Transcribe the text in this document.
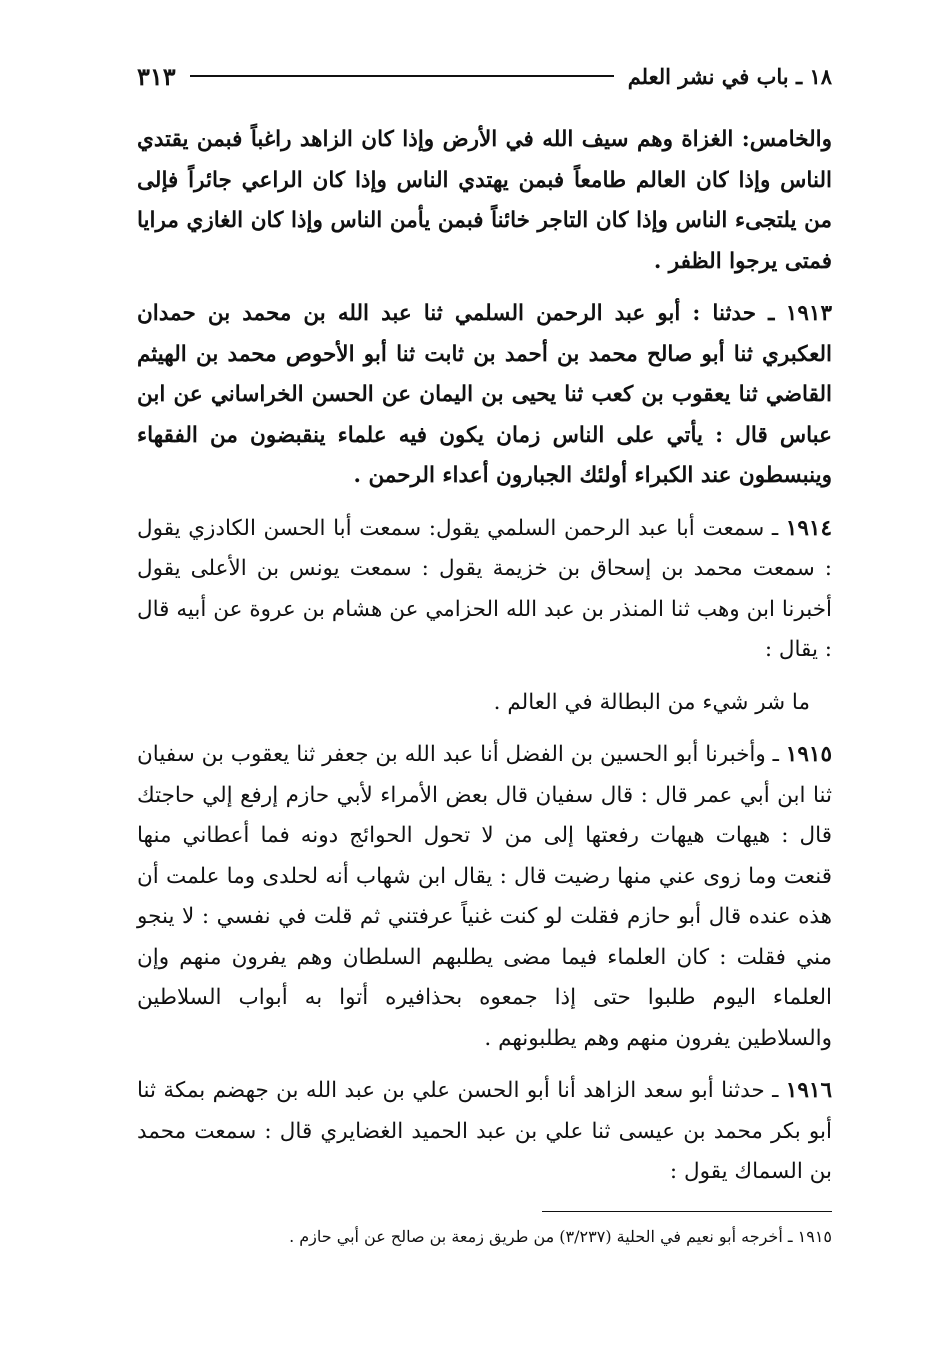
١٨ ـ باب في نشر العلم
٣١٣

والخامس: الغزاة وهم سيف الله في الأرض وإذا كان الزاهد راغباً فبمن يقتدي الناس وإذا كان العالم طامعاً فبمن يهتدي الناس وإذا كان الراعي جائراً فإلى من يلتجىء الناس وإذا كان التاجر خائناً فبمن يأمن الناس وإذا كان الغازي مرايا فمتى يرجوا الظفر .

١٩١٣ ـ حدثنا : أبو عبد الرحمن السلمي ثنا عبد الله بن محمد بن حمدان العكبري ثنا أبو صالح محمد بن أحمد بن ثابت ثنا أبو الأحوص محمد بن الهيثم القاضي ثنا يعقوب بن كعب ثنا يحيى بن اليمان عن الحسن الخراساني عن ابن عباس قال : يأتي على الناس زمان يكون فيه علماء ينقبضون من الفقهاء وينبسطون عند الكبراء أولئك الجبارون أعداء الرحمن .

١٩١٤ ـ سمعت أبا عبد الرحمن السلمي يقول: سمعت أبا الحسن الكادزي يقول : سمعت محمد بن إسحاق بن خزيمة يقول : سمعت يونس بن الأعلى يقول أخبرنا ابن وهب ثنا المنذر بن عبد الله الحزامي عن هشام بن عروة عن أبيه قال : يقال :

ما شر شيء من البطالة في العالم .

١٩١٥ ـ وأخبرنا أبو الحسين بن الفضل أنا عبد الله بن جعفر ثنا يعقوب بن سفيان ثنا ابن أبي عمر قال : قال سفيان قال بعض الأمراء لأبي حازم إرفع إلي حاجتك قال : هيهات هيهات رفعتها إلى من لا تحول الحوائج دونه فما أعطاني منها قنعت وما زوى عني منها رضيت قال : يقال ابن شهاب أنه لحلدى وما علمت أن هذه عنده قال أبو حازم فقلت لو كنت غنياً عرفتني ثم قلت في نفسي : لا ينجو مني فقلت : كان العلماء فيما مضى يطلبهم السلطان وهم يفرون منهم وإن العلماء اليوم طلبوا حتى إذا جمعوه بحذافيره أتوا به أبواب السلاطين والسلاطين يفرون منهم وهم يطلبونهم .

١٩١٦ ـ حدثنا أبو سعد الزاهد أنا أبو الحسن علي بن عبد الله بن جهضم بمكة ثنا أبو بكر محمد بن عيسى ثنا علي بن عبد الحميد الغضايري قال : سمعت محمد بن السماك يقول :

١٩١٥ ـ أخرجه أبو نعيم في الحلية (٣/٢٣٧) من طريق زمعة بن صالح عن أبي حازم .
